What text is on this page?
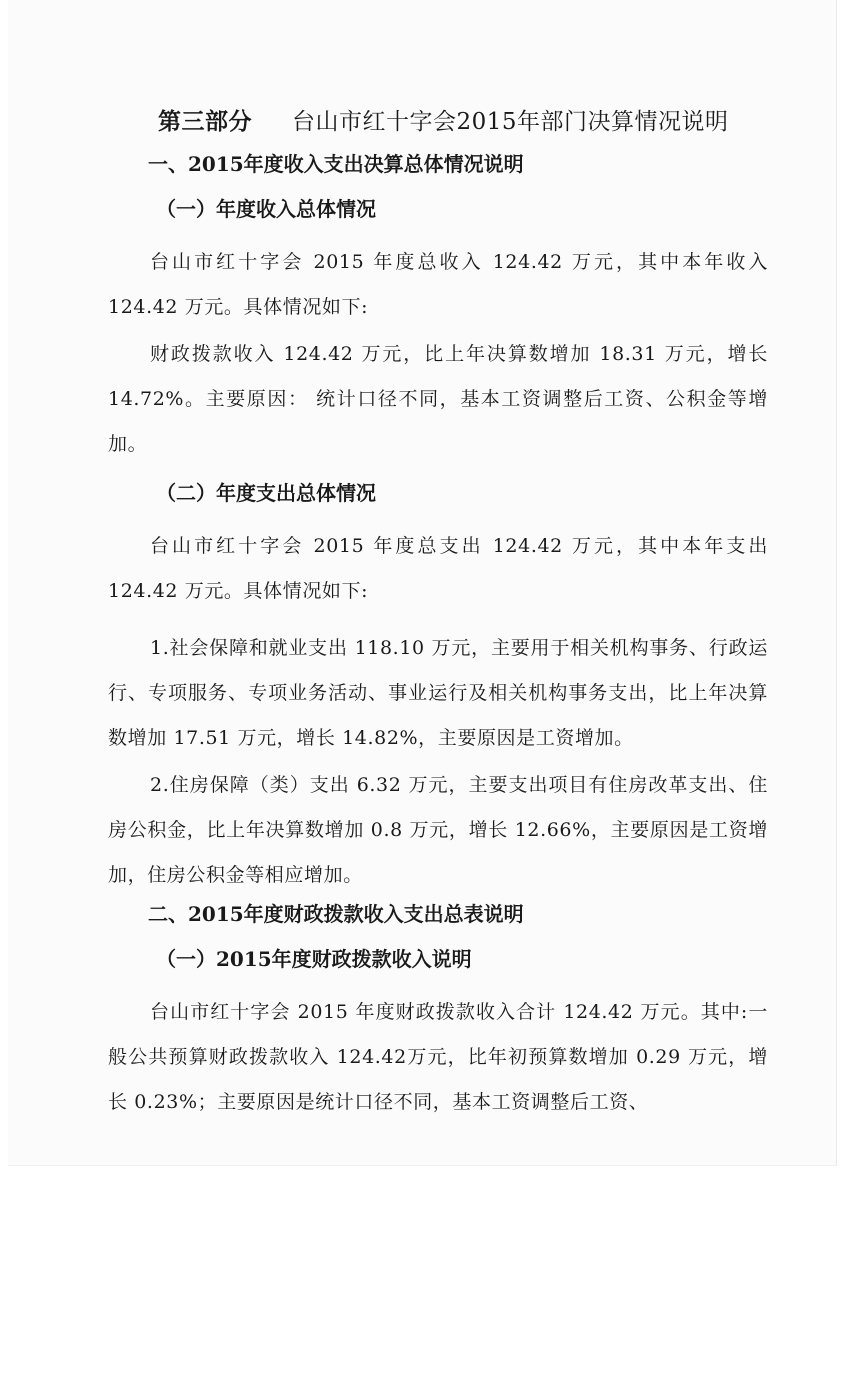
第三部分 台山市红十字会2015年部门决算情况说明
一、2015年度收入支出决算总体情况说明
（一）年度收入总体情况
台山市红十字会 2015 年度总收入 124.42 万元，其中本年收入 124.42 万元。具体情况如下:
财政拨款收入 124.42 万元，比上年决算数增加 18.31 万元，增长 14.72%。主要原因： 统计口径不同，基本工资调整后工资、公积金等增加。
（二）年度支出总体情况
台山市红十字会 2015 年度总支出 124.42 万元，其中本年支出 124.42 万元。具体情况如下:
1.社会保障和就业支出 118.10 万元，主要用于相关机构事务、行政运行、专项服务、专项业务活动、事业运行及相关机构事务支出，比上年决算数增加 17.51 万元，增长 14.82%，主要原因是工资增加。
2.住房保障（类）支出 6.32 万元，主要支出项目有住房改革支出、住房公积金，比上年决算数增加 0.8 万元，增长 12.66%，主要原因是工资增加，住房公积金等相应增加。
二、2015年度财政拨款收入支出总表说明
（一）2015年度财政拨款收入说明
台山市红十字会 2015 年度财政拨款收入合计 124.42 万元。其中:一般公共预算财政拨款收入 124.42万元，比年初预算数增加 0.29 万元，增长 0.23%；主要原因是统计口径不同，基本工资调整后工资、
